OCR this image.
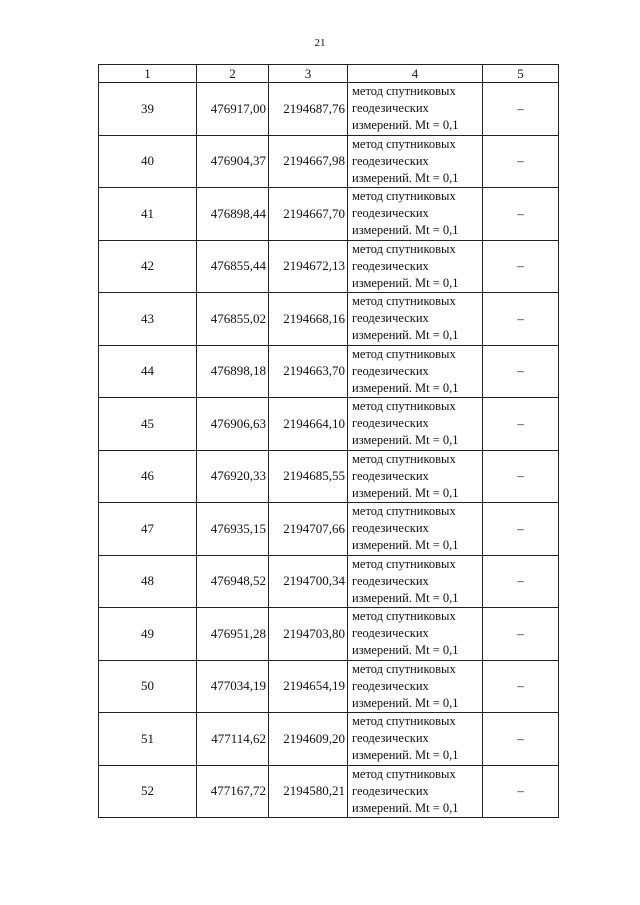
21
1	2	3	4	5
39	476917,00	2194687,76	метод спутниковых
геодезических
измерений. Mt = 0,1	–
40	476904,37	2194667,98	метод спутниковых
геодезических
измерений. Mt = 0,1	–
41	476898,44	2194667,70	метод спутниковых
геодезических
измерений. Mt = 0,1	–
42	476855,44	2194672,13	метод спутниковых
геодезических
измерений. Mt = 0,1	–
43	476855,02	2194668,16	метод спутниковых
геодезических
измерений. Mt = 0,1	–
44	476898,18	2194663,70	метод спутниковых
геодезических
измерений. Mt = 0,1	–
45	476906,63	2194664,10	метод спутниковых
геодезических
измерений. Mt = 0,1	–
46	476920,33	2194685,55	метод спутниковых
геодезических
измерений. Mt = 0,1	–
47	476935,15	2194707,66	метод спутниковых
геодезических
измерений. Mt = 0,1	–
48	476948,52	2194700,34	метод спутниковых
геодезических
измерений. Mt = 0,1	–
49	476951,28	2194703,80	метод спутниковых
геодезических
измерений. Mt = 0,1	–
50	477034,19	2194654,19	метод спутниковых
геодезических
измерений. Mt = 0,1	–
51	477114,62	2194609,20	метод спутниковых
геодезических
измерений. Mt = 0,1	–
52	477167,72	2194580,21	метод спутниковых
геодезических
измерений. Mt = 0,1	–
